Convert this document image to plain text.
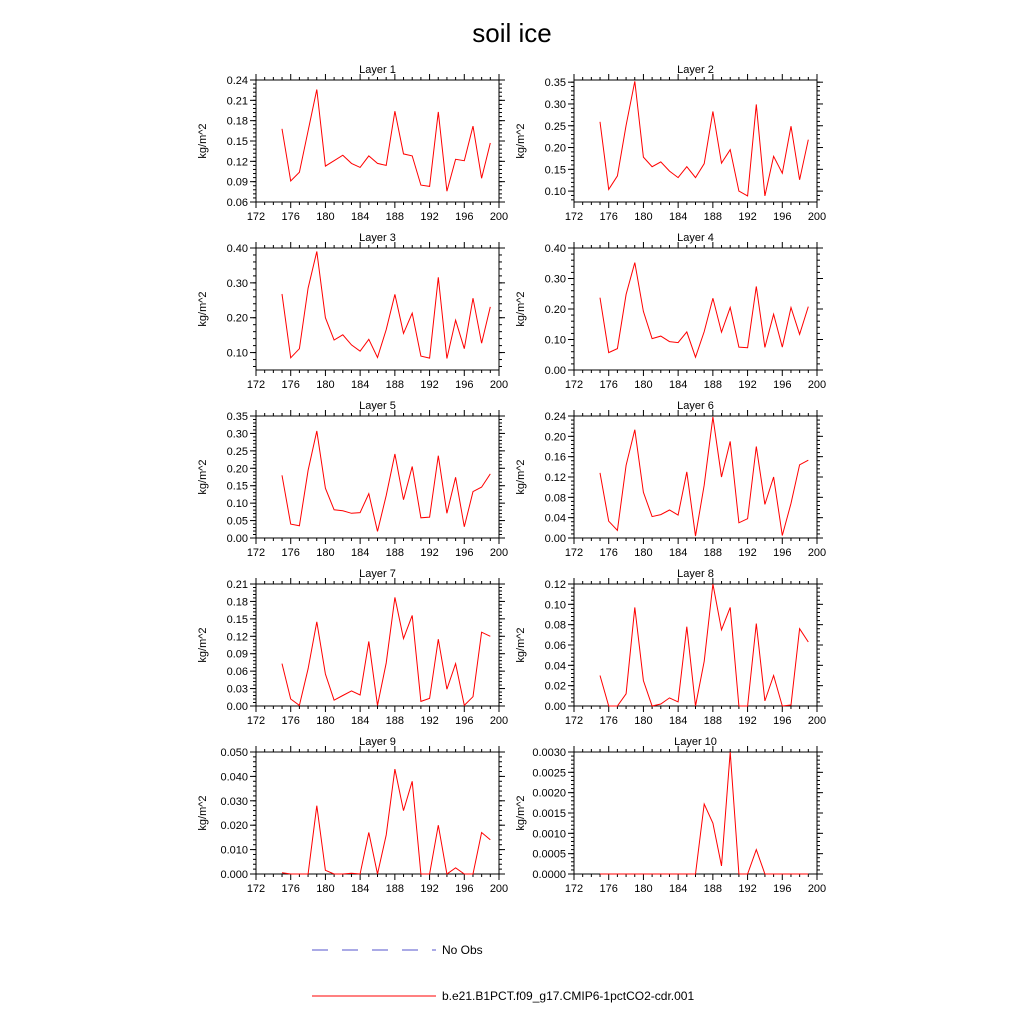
soil ice
Layer 1
kg/m^2
172 176 180 184 188 192 196 200
0.06
0.09
0.12
0.15
0.18
0.21
0.24
Layer 2
kg/m^2
172 176 180 184 188 192 196 200
0.10
0.15
0.20
0.25
0.30
0.35
Layer 3
kg/m^2
172 176 180 184 188 192 196 200
0.10
0.20
0.30
0.40
Layer 4
kg/m^2
172 176 180 184 188 192 196 200
0.00
0.10
0.20
0.30
0.40
Layer 5
kg/m^2
172 176 180 184 188 192 196 200
0.00
0.05
0.10
0.15
0.20
0.25
0.30
0.35
Layer 6
kg/m^2
172 176 180 184 188 192 196 200
0.00
0.04
0.08
0.12
0.16
0.20
0.24
Layer 7
kg/m^2
172 176 180 184 188 192 196 200
0.00
0.03
0.06
0.09
0.12
0.15
0.18
0.21
Layer 8
kg/m^2
172 176 180 184 188 192 196 200
0.00
0.02
0.04
0.06
0.08
0.10
0.12
Layer 9
kg/m^2
172 176 180 184 188 192 196 200
0.000
0.010
0.020
0.030
0.040
0.050
Layer 10
kg/m^2
172 176 180 184 188 192 196 200
0.0000
0.0005
0.0010
0.0015
0.0020
0.0025
0.0030
No Obs
b.e21.B1PCT.f09_g17.CMIP6-1pctCO2-cdr.001
